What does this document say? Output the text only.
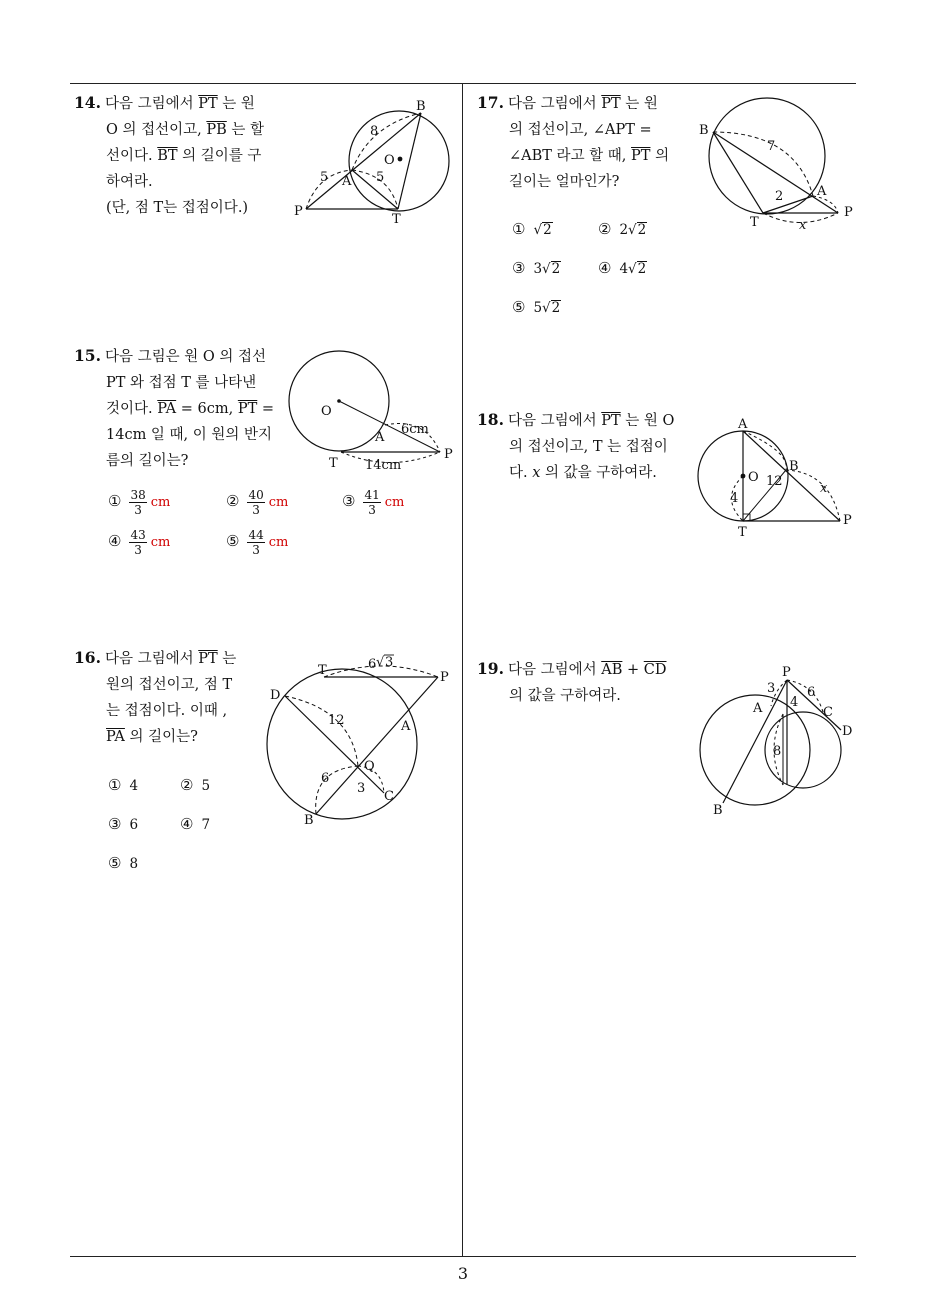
14. 다음 그림에서 $\overline{PT}$ 는 원
O 의 접선이고, $\overline{PB}$ 는 할
선이다. $\overline{BT}$ 의 길이를 구
하여라.
(단, 점 T는 접점이다.)
B
O
A
P
T
8
5	5
15. 다음 그림은 원 O 의 접선
PT 와 접점 T 를 나타낸
것이다. $\overline{PA} = 6cm$, $\overline{PT}$ =
14cm 일 때, 이 원의 반지
름의 길이는?
O
A
T
P
6cm
14cm
① $\frac{38}{3}$ cm	② $\frac{40}{3}$ cm	③ $\frac{41}{3}$ cm
④ $\frac{43}{3}$ cm	⑤ $\frac{44}{3}$ cm
16. 다음 그림에서 $\overline{PT}$ 는
원의 접선이고, 점 T
는 접점이다. 이때 ,
$\overline{PA}$ 의 길이는?
T	P
D
A
Q
B
C
6 √ 3
12
6
3
① 4	② 5
③ 6	④ 7
⑤ 8
17. 다음 그림에서 $\overline{PT}$ 는 원
의 접선이고, ∠APT =
∠ABT 라고 할 때, $\overline{PT}$ 의
길이는 얼마인가?
B
A
T
P
7
2
x
① √2	② 2√2
③ 3√2	④ 4√2
⑤ 5√2
18. 다음 그림에서 $\overline{PT}$ 는 원 O
의 접선이고, T 는 접점이
다. x 의 값을 구하여라.
A
O
B
T
P
4
12	x
19. 다음 그림에서 $\overline{AB} + \overline{CD}$
의 값을 구하여라.
P
A	C
D
B
3 6
4
8
3
